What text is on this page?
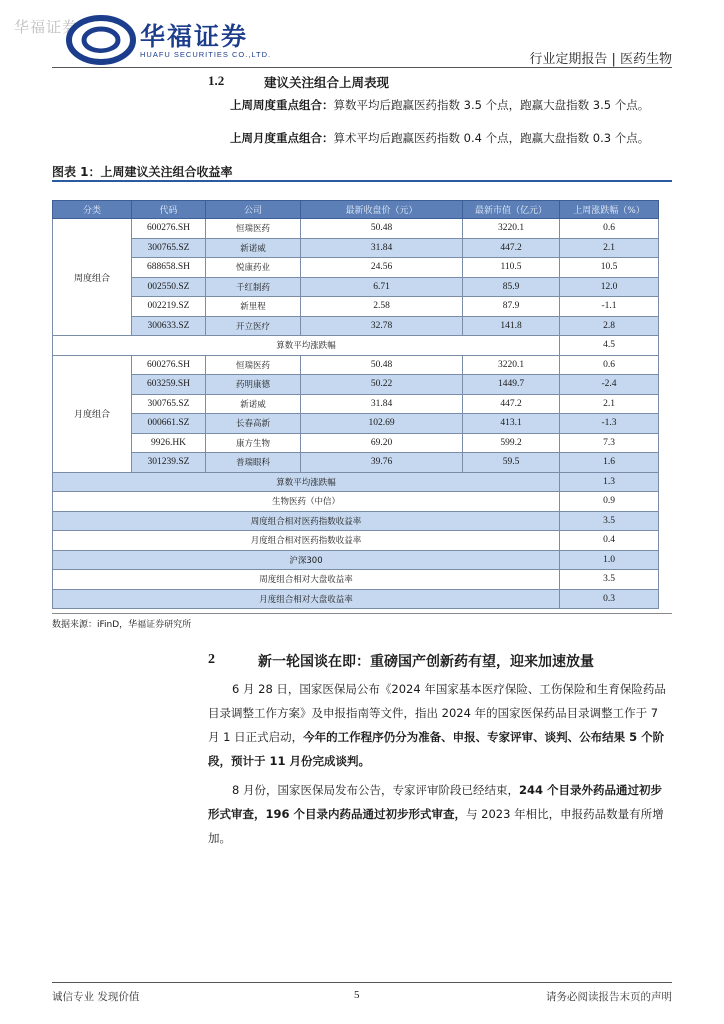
华福证券 华福证券
HUAFU SECURITIES CO.,LTD.	行业定期报告 | 医药生物
1.2	建议关注组合上周表现
上周周度重点组合：算数平均后跑赢医药指数 3.5 个点，跑赢大盘指数 3.5 个点。
上周月度重点组合：算术平均后跑赢医药指数 0.4 个点，跑赢大盘指数 0.3 个点。
图表 1：上周建议关注组合收益率
分类	代码	公司	最新收盘价（元）	最新市值（亿元）	上周涨跌幅（%）
周度组合	600276.SH	恒瑞医药	50.48	3220.1	0.6
	300765.SZ	新诺威	31.84	447.2	2.1
	688658.SH	悦康药业	24.56	110.5	10.5
	002550.SZ	千红制药	6.71	85.9	12.0
	002219.SZ	新里程	2.58	87.9	-1.1
	300633.SZ	开立医疗	32.78	141.8	2.8
算数平均涨跌幅					4.5
月度组合	600276.SH	恒瑞医药	50.48	3220.1	0.6
	603259.SH	药明康德	50.22	1449.7	-2.4
	300765.SZ	新诺威	31.84	447.2	2.1
	000661.SZ	长春高新	102.69	413.1	-1.3
	9926.HK	康方生物	69.20	599.2	7.3
	301239.SZ	普瑞眼科	39.76	59.5	1.6
算数平均涨跌幅					1.3
生物医药（中信）					0.9
周度组合相对医药指数收益率					3.5
月度组合相对医药指数收益率					0.4
沪深300					1.0
周度组合相对大盘收益率					3.5
月度组合相对大盘收益率					0.3
数据来源：iFinD，华福证券研究所
2	新一轮国谈在即：重磅国产创新药有望，迎来加速放量
6 月 28 日，国家医保局公布《2024 年国家基本医疗保险、工伤保险和生育保险药品目录调整工作方案》及申报指南等文件，指出 2024 年的国家医保药品目录调整工作于 7 月 1 日正式启动，今年的工作程序仍分为准备、申报、专家评审、谈判、公布结果 5 个阶段，预计于 11 月份完成谈判。
8 月份，国家医保局发布公告，专家评审阶段已经结束，244 个目录外药品通过初步形式审查，196 个目录内药品通过初步形式审查，与 2023 年相比，申报药品数量有所增加。
诚信专业 发现价值	5	请务必阅读报告末页的声明
